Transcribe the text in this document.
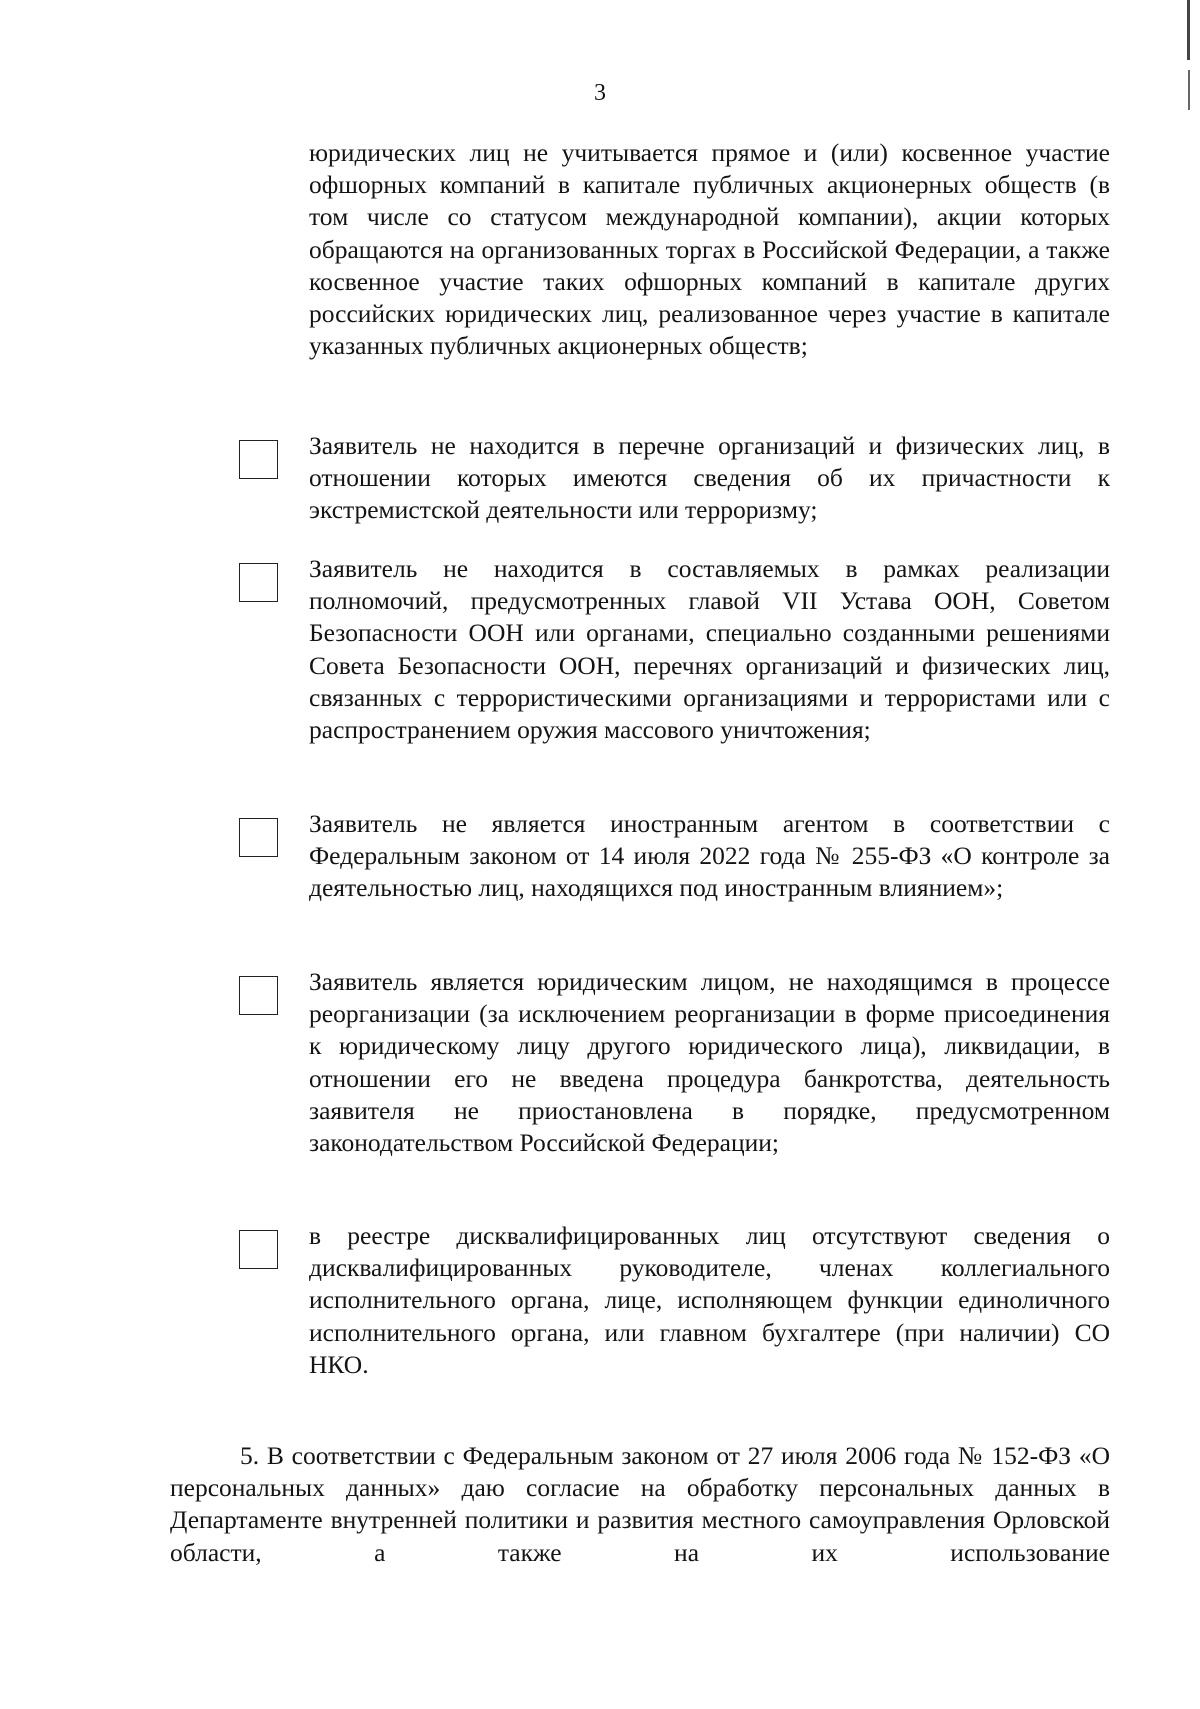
3
юридических лиц не учитывается прямое и (или) косвенное участие офшорных компаний в капитале публичных акционерных обществ (в том числе со статусом международной компании), акции которых обращаются на организованных торгах в Российской Федерации, а также косвенное участие таких офшорных компаний в капитале других российских юридических лиц, реализованное через участие в капитале указанных публичных акционерных обществ;
Заявитель не находится в перечне организаций и физических лиц, в отношении которых имеются сведения об их причастности к экстремистской деятельности или терроризму;
Заявитель не находится в составляемых в рамках реализации полномочий, предусмотренных главой VII Устава ООН, Советом Безопасности ООН или органами, специально созданными решениями Совета Безопасности ООН, перечнях организаций и физических лиц, связанных с террористическими организациями и террористами или с распространением оружия массового уничтожения;
Заявитель не является иностранным агентом в соответствии с Федеральным законом от 14 июля 2022 года № 255-ФЗ «О контроле за деятельностью лиц, находящихся под иностранным влиянием»;
Заявитель является юридическим лицом, не находящимся в процессе реорганизации (за исключением реорганизации в форме присоединения к юридическому лицу другого юридического лица), ликвидации, в отношении его не введена процедура банкротства, деятельность заявителя не приостановлена в порядке, предусмотренном законодательством Российской Федерации;
в реестре дисквалифицированных лиц отсутствуют сведения о дисквалифицированных руководителе, членах коллегиального исполнительного органа, лице, исполняющем функции единоличного исполнительного органа, или главном бухгалтере (при наличии) СО НКО.
5. В соответствии с Федеральным законом от 27 июля 2006 года № 152-ФЗ «О персональных данных» даю согласие на обработку персональных данных в Департаменте внутренней политики и развития местного самоуправления Орловской области, а также на их использование
